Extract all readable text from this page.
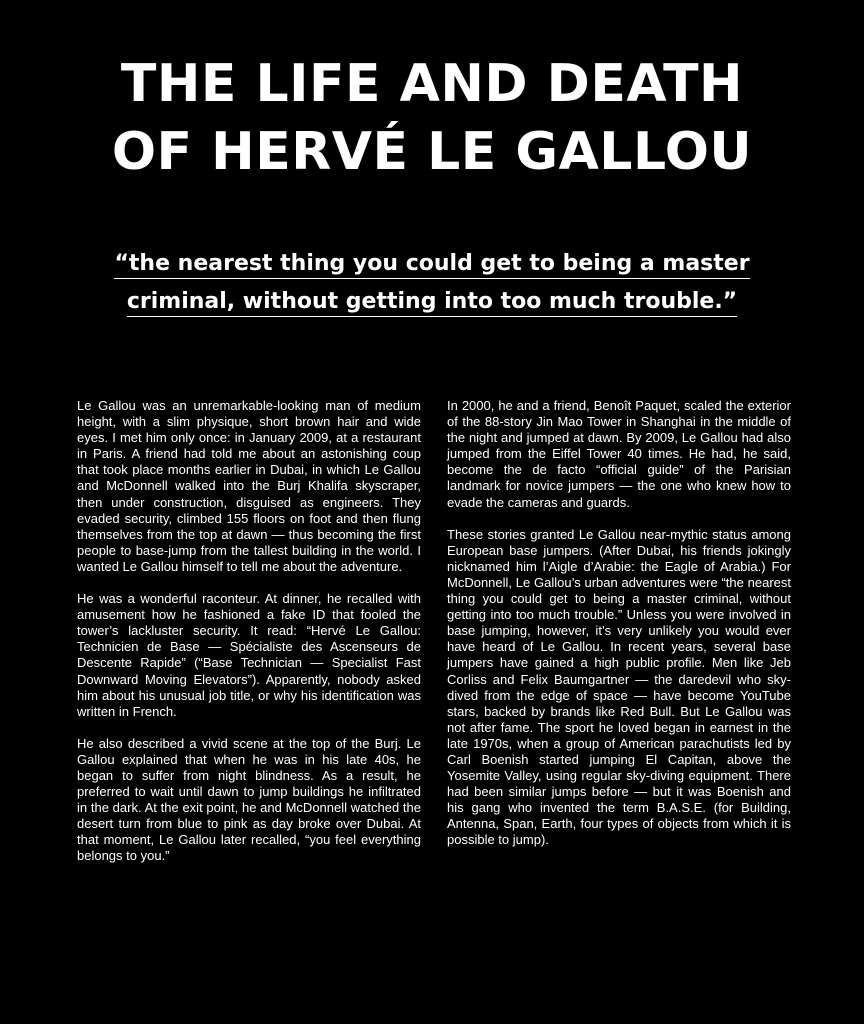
THE LIFE AND DEATH
OF HERVÉ LE GALLOU
“the nearest thing you could get to being a master
criminal, without getting into too much trouble.”

Le Gallou was an unremarkable-looking man of medium height, with a slim physique, short brown hair and wide eyes. I met him only once: in January 2009, at a restaurant in Paris. A friend had told me about an astonishing coup that took place months earlier in Dubai, in which Le Gallou and McDonnell walked into the Burj Khalifa skyscraper, then under construction, disguised as engineers. They evaded security, climbed 155 floors on foot and then flung themselves from the top at dawn — thus becoming the first people to base-jump from the tallest building in the world. I wanted Le Gallou himself to tell me about the adventure.

He was a wonderful raconteur. At dinner, he recalled with amusement how he fashioned a fake ID that fooled the tower’s lackluster security. It read: “Hervé Le Gallou: Technicien de Base — Spécialiste des Ascenseurs de Descente Rapide” (“Base Technician — Specialist Fast Downward Moving Elevators”). Apparently, nobody asked him about his unusual job title, or why his identification was written in French.

He also described a vivid scene at the top of the Burj. Le Gallou explained that when he was in his late 40s, he began to suffer from night blindness. As a result, he preferred to wait until dawn to jump buildings he infiltrated in the dark. At the exit point, he and McDonnell watched the desert turn from blue to pink as day broke over Dubai. At that moment, Le Gallou later recalled, “you feel everything belongs to you.”

In 2000, he and a friend, Benoît Paquet, scaled the exterior of the 88-story Jin Mao Tower in Shanghai in the middle of the night and jumped at dawn. By 2009, Le Gallou had also jumped from the Eiffel Tower 40 times. He had, he said, become the de facto “official guide” of the Parisian landmark for novice jumpers — the one who knew how to evade the cameras and guards.

These stories granted Le Gallou near-mythic status among European base jumpers. (After Dubai, his friends jokingly nicknamed him l’Aigle d’Arabie: the Eagle of Arabia.) For McDonnell, Le Gallou’s urban adventures were “the nearest thing you could get to being a master criminal, without getting into too much trouble.” Unless you were involved in base jumping, however, it’s very unlikely you would ever have heard of Le Gallou. In recent years, several base jumpers have gained a high public profile. Men like Jeb Corliss and Felix Baumgartner — the daredevil who sky-dived from the edge of space — have become YouTube stars, backed by brands like Red Bull. But Le Gallou was not after fame. The sport he loved began in earnest in the late 1970s, when a group of American parachutists led by Carl Boenish started jumping El Capitan, above the Yosemite Valley, using regular sky-diving equipment. There had been similar jumps before — but it was Boenish and his gang who invented the term B.A.S.E. (for Building, Antenna, Span, Earth, four types of objects from which it is possible to jump).
